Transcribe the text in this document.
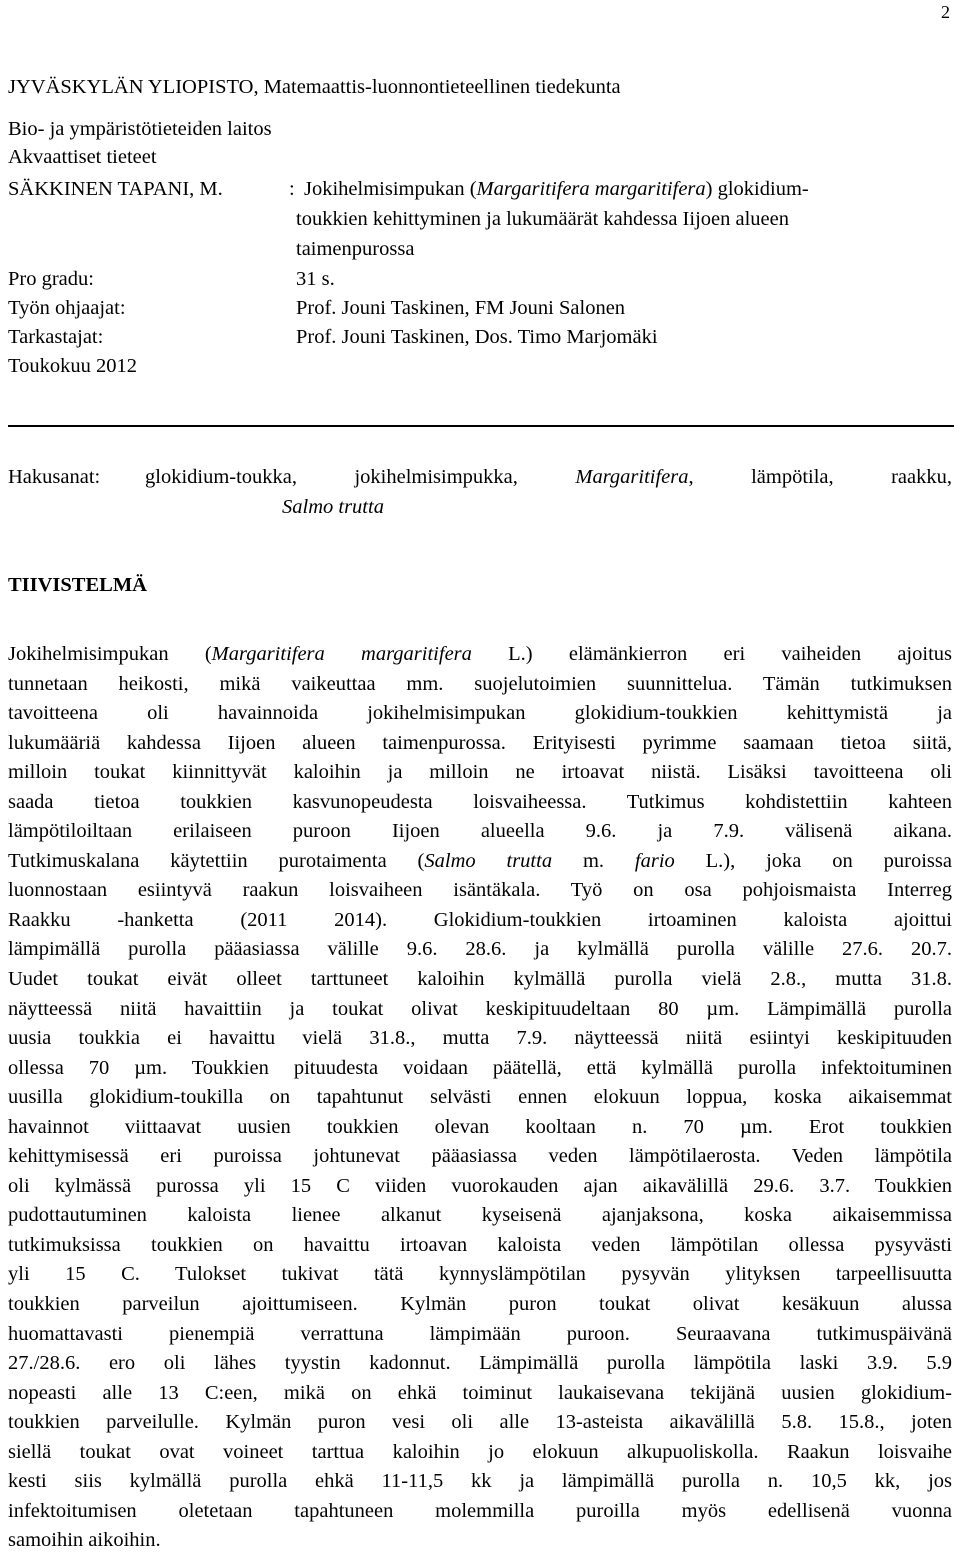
2
JYVÄSKYLÄN YLIOPISTO, Matemaattis-luonnontieteellinen tiedekunta
Bio- ja ympäristötieteiden laitos
Akvaattiset tieteet
SÄKKINEN TAPANI, M.	: Jokihelmisimpukan (Margaritifera margaritifera) glokidium-
toukkien kehittyminen ja lukumäärät kahdessa Iijoen alueen
taimenpurossa
Pro gradu:	31 s.
Työn ohjaajat:	Prof. Jouni Taskinen, FM Jouni Salonen
Tarkastajat:	Prof. Jouni Taskinen, Dos. Timo Marjomäki
Toukokuu 2012
Hakusanat: glokidium-toukka, jokihelmisimpukka, Margaritifera, lämpötila, raakku,
Salmo trutta
TIIVISTELMÄ
Jokihelmisimpukan (Margaritifera margaritifera L.) elämänkierron eri vaiheiden ajoitus
tunnetaan heikosti, mikä vaikeuttaa mm. suojelutoimien suunnittelua. Tämän tutkimuksen
tavoitteena oli havainnoida jokihelmisimpukan glokidium-toukkien kehittymistä ja
lukumääriä kahdessa Iijoen alueen taimenpurossa. Erityisesti pyrimme saamaan tietoa siitä,
milloin toukat kiinnittyvät kaloihin ja milloin ne irtoavat niistä. Lisäksi tavoitteena oli
saada tietoa toukkien kasvunopeudesta loisvaiheessa. Tutkimus kohdistettiin kahteen
lämpötiloiltaan erilaiseen puroon Iijoen alueella 9.6. ja 7.9. välisenä aikana.
Tutkimuskalana käytettiin purotaimenta (Salmo trutta m. fario L.), joka on puroissa
luonnostaan esiintyvä raakun loisvaiheen isäntäkala. Työ on osa pohjoismaista Interreg
Raakku -hanketta (2011 2014). Glokidium-toukkien irtoaminen kaloista ajoittui
lämpimällä purolla pääasiassa välille 9.6. 28.6. ja kylmällä purolla välille 27.6. 20.7.
Uudet toukat eivät olleet tarttuneet kaloihin kylmällä purolla vielä 2.8., mutta 31.8.
näytteessä niitä havaittiin ja toukat olivat keskipituudeltaan 80 µm. Lämpimällä purolla
uusia toukkia ei havaittu vielä 31.8., mutta 7.9. näytteessä niitä esiintyi keskipituuden
ollessa 70 µm. Toukkien pituudesta voidaan päätellä, että kylmällä purolla infektoituminen
uusilla glokidium-toukilla on tapahtunut selvästi ennen elokuun loppua, koska aikaisemmat
havainnot viittaavat uusien toukkien olevan kooltaan n. 70 µm. Erot toukkien
kehittymisessä eri puroissa johtunevat pääasiassa veden lämpötilaerosta. Veden lämpötila
oli kylmässä purossa yli 15 C viiden vuorokauden ajan aikavälillä 29.6. 3.7. Toukkien
pudottautuminen kaloista lienee alkanut kyseisenä ajanjaksona, koska aikaisemmissa
tutkimuksissa toukkien on havaittu irtoavan kaloista veden lämpötilan ollessa pysyvästi
yli 15 C. Tulokset tukivat tätä kynnyslämpötilan pysyvän ylityksen tarpeellisuutta
toukkien parveilun ajoittumiseen. Kylmän puron toukat olivat kesäkuun alussa
huomattavasti pienempiä verrattuna lämpimään puroon. Seuraavana tutkimuspäivänä
27./28.6. ero oli lähes tyystin kadonnut. Lämpimällä purolla lämpötila laski 3.9. 5.9
nopeasti alle 13 C:een, mikä on ehkä toiminut laukaisevana tekijänä uusien glokidium-
toukkien parveilulle. Kylmän puron vesi oli alle 13-asteista aikavälillä 5.8. 15.8., joten
siellä toukat ovat voineet tarttua kaloihin jo elokuun alkupuoliskolla. Raakun loisvaihe
kesti siis kylmällä purolla ehkä 11-11,5 kk ja lämpimällä purolla n. 10,5 kk, jos
infektoitumisen oletetaan tapahtuneen molemmilla puroilla myös edellisenä vuonna
samoihin aikoihin.
